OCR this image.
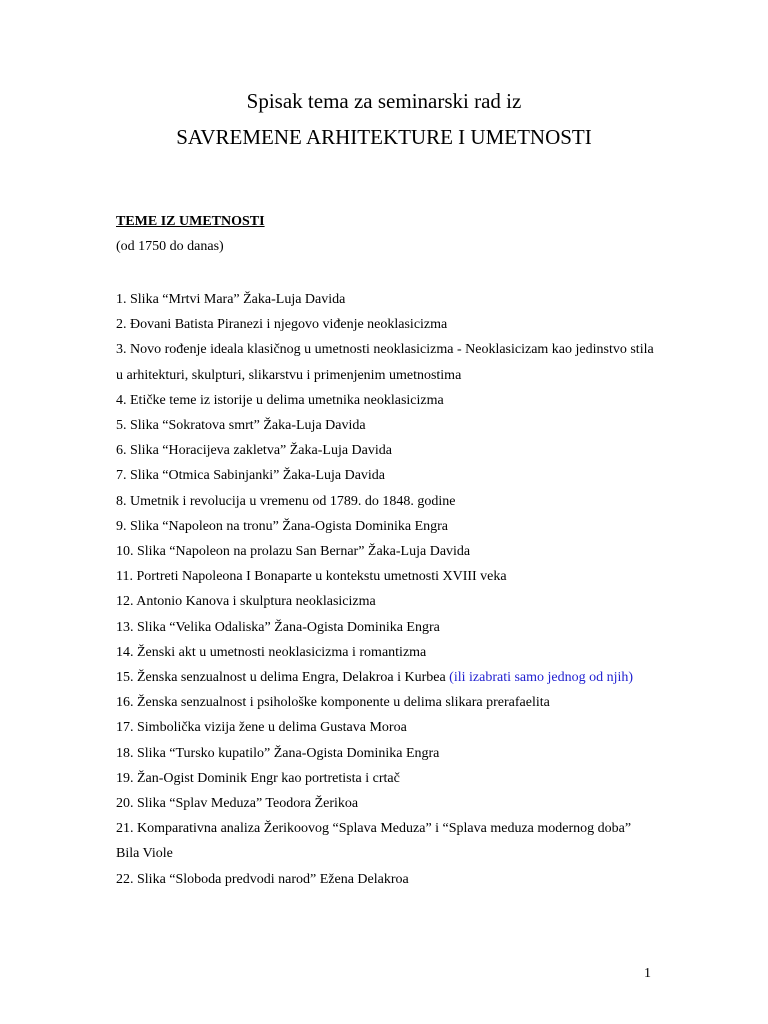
Spisak tema za seminarski rad iz
SAVREMENE ARHITEKTURE I UMETNOSTI
TEME IZ UMETNOSTI
(od 1750 do danas)
1. Slika “Mrtvi Mara” Žaka-Luja Davida
2. Đovani Batista Piranezi i njegovo viđenje neoklasicizma
3. Novo rođenje ideala klasičnog u umetnosti neoklasicizma - Neoklasicizam kao jedinstvo stila u arhitekturi, skulpturi, slikarstvu i primenjenim umetnostima
4. Etičke teme iz istorije u delima umetnika neoklasicizma
5. Slika “Sokratova smrt” Žaka-Luja Davida
6. Slika “Horacijeva zakletva” Žaka-Luja Davida
7. Slika “Otmica Sabinjanki” Žaka-Luja Davida
8. Umetnik i revolucija u vremenu od 1789. do 1848. godine
9. Slika “Napoleon na tronu” Žana-Ogista Dominika Engra
10. Slika “Napoleon na prolazu San Bernar” Žaka-Luja Davida
11. Portreti Napoleona I Bonaparte u kontekstu umetnosti XVIII veka
12. Antonio Kanova i skulptura neoklasicizma
13. Slika “Velika Odaliska” Žana-Ogista Dominika Engra
14. Ženski akt u umetnosti neoklasicizma i romantizma
15. Ženska senzualnost u delima Engra, Delakroa i Kurbea (ili izabrati samo jednog od njih)
16. Ženska senzualnost i psihološke komponente u delima slikara prerafaelita
17. Simbolička vizija žene u delima Gustava Moroa
18. Slika “Tursko kupatilo” Žana-Ogista Dominika Engra
19. Žan-Ogist Dominik Engr kao portretista i crtač
20. Slika “Splav Meduza” Teodora Žerikoa
21. Komparativna analiza Žerikoovog “Splava Meduza” i “Splava meduza modernog doba” Bila Viole
22. Slika “Sloboda predvodi narod” Ežena Delakroa
1
